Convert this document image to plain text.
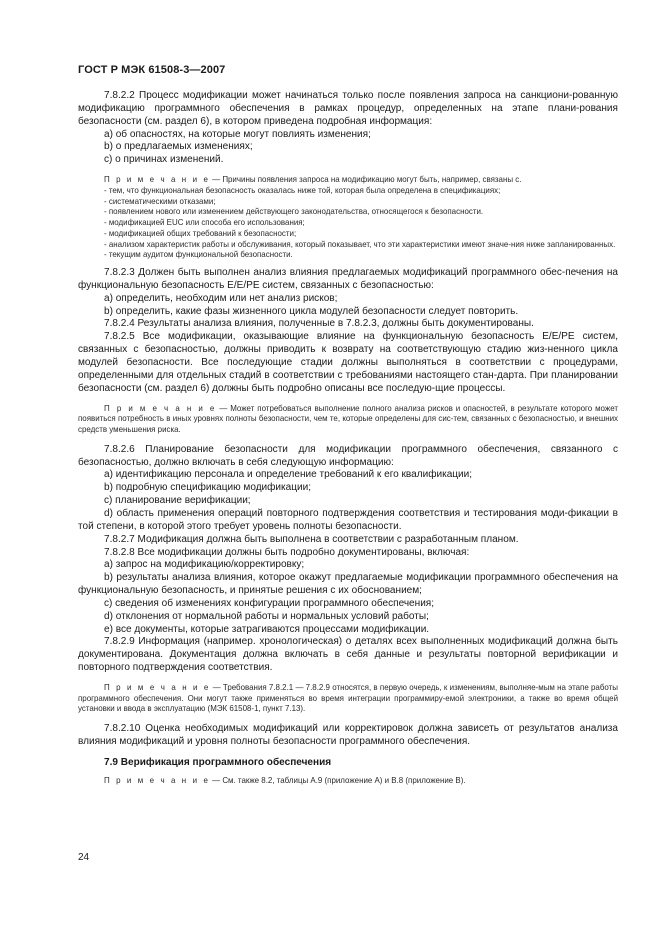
ГОСТ Р МЭК 61508-3—2007

7.8.2.2 Процесс модификации может начинаться только после появления запроса на санкциони-рованную модификацию программного обеспечения в рамках процедур, определенных на этапе плани-рования безопасности (см. раздел 6), в котором приведена подробная информация:

a) об опасностях, на которые могут повлиять изменения;

b) о предлагаемых изменениях;

c) о причинах изменений.

П р и м е ч а н и е — Причины появления запроса на модификацию могут быть, например, связаны с.

- тем, что функциональная безопасность оказалась ниже той, которая была определена в спецификациях;

- систематическими отказами;

- появлением нового или изменением действующего законодательства, относящегося к безопасности.

- модификацией EUC или способа его использования;

- модификацией общих требований к безопасности;

- анализом характеристик работы и обслуживания, который показывает, что эти характеристики имеют значе-ния ниже запланированных.

- текущим аудитом функциональной безопасности.

7.8.2.3 Должен быть выполнен анализ влияния предлагаемых модификаций программного обес-печения на функциональную безопасность E/E/PE систем, связанных с безопасностью:

a) определить, необходим или нет анализ рисков;

b) определить, какие фазы жизненного цикла модулей безопасности следует повторить.

7.8.2.4 Результаты анализа влияния, полученные в 7.8.2.3, должны быть документированы.

7.8.2.5 Все модификации, оказывающие влияние на функциональную безопасность E/E/PE систем, связанных с безопасностью, должны приводить к возврату на соответствующую стадию жиз-ненного цикла модулей безопасности. Все последующие стадии должны выполняться в соответствии с процедурами, определенными для отдельных стадий в соответствии с требованиями настоящего стан-дарта. При планировании безопасности (см. раздел 6) должны быть подробно описаны все последую-щие процессы.

П р и м е ч а н и е — Может потребоваться выполнение полного анализа рисков и опасностей, в результате которого может появиться потребность в иных уровнях полноты безопасности, чем те, которые определены для сис-тем, связанных с безопасностью, и внешних средств уменьшения риска.

7.8.2.6 Планирование безопасности для модификации программного обеспечения, связанного с безопасностью, должно включать в себя следующую информацию:

a) идентификацию персонала и определение требований к его квалификации;

b) подробную спецификацию модификации;

c) планирование верификации;

d) область применения операций повторного подтверждения соответствия и тестирования моди-фикации в той степени, в которой этого требует уровень полноты безопасности.

7.8.2.7 Модификация должна быть выполнена в соответствии с разработанным планом.

7.8.2.8 Все модификации должны быть подробно документированы, включая:

a) запрос на модификацию/корректировку;

b) результаты анализа влияния, которое окажут предлагаемые модификации программного обеспечения на функциональную безопасность, и принятые решения с их обоснованием;

c) сведения об изменениях конфигурации программного обеспечения;

d) отклонения от нормальной работы и нормальных условий работы;

e) все документы, которые затрагиваются процессами модификации.

7.8.2.9 Информация (например. хронологическая) о деталях всех выполненных модификаций должна быть документирована. Документация должна включать в себя данные и результаты повторной верификации и повторного подтверждения соответствия.

П р и м е ч а н и е — Требования 7.8.2.1 — 7.8.2.9 относятся, в первую очередь, к изменениям, выполняе-мым на этапе работы программного обеспечения. Они могут также применяться во время интеграции программиру-емой электроники, а также во время общей установки и ввода в эксплуатацию (МЭК 61508-1, пункт 7.13).

7.8.2.10 Оценка необходимых модификаций или корректировок должна зависеть от результатов анализа влияния модификаций и уровня полноты безопасности программного обеспечения.

7.9 Верификация программного обеспечения

П р и м е ч а н и е — См. также 8.2, таблицы А.9 (приложение А) и В.8 (приложение В).

24
